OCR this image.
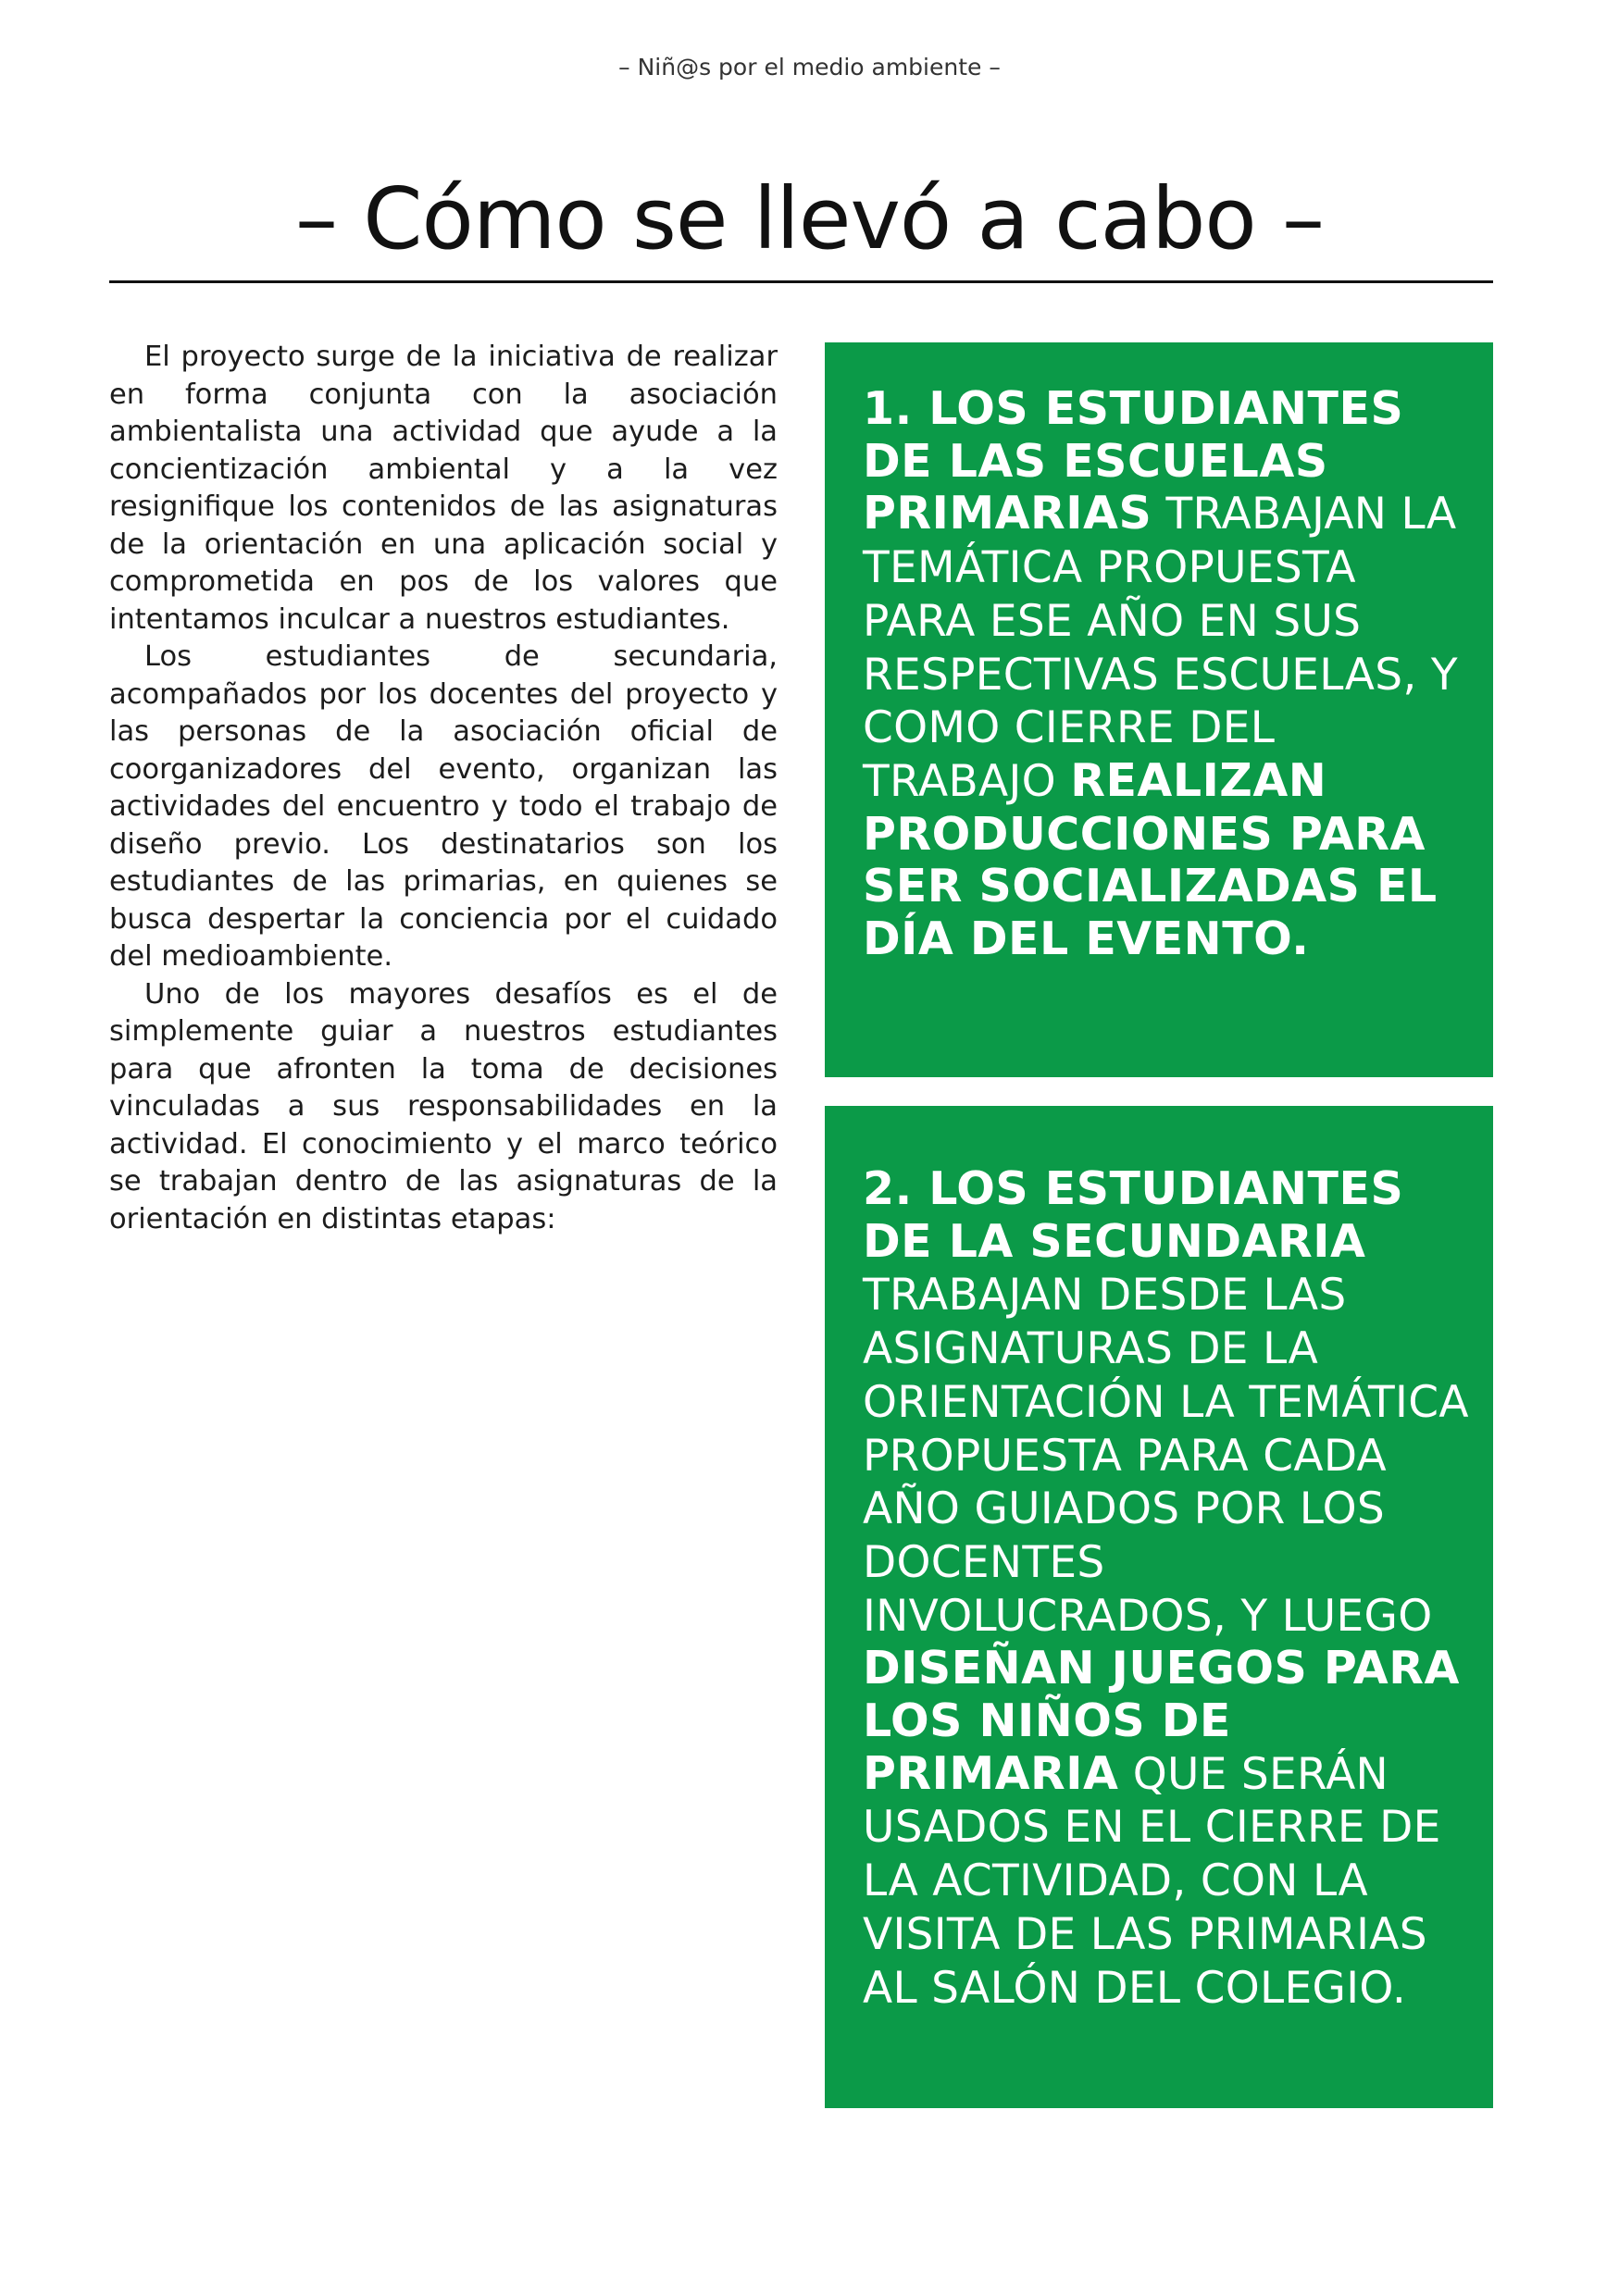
– Niñ@s por el medio ambiente –
– Cómo se llevó a cabo –

El proyecto surge de la iniciativa de realizar en forma conjunta con la asociación ambientalista una actividad que ayude a la concientización ambiental y a la vez resignifique los contenidos de las asignaturas de la orientación en una aplicación social y comprometida en pos de los valores que intentamos inculcar a nuestros estudiantes.

Los estudiantes de secundaria, acompañados por los docentes del proyecto y las personas de la asociación oficial de coorganizadores del evento, organizan las actividades del encuentro y todo el trabajo de diseño previo. Los destinatarios son los estudiantes de las primarias, en quienes se busca despertar la conciencia por el cuidado del medioambiente.

Uno de los mayores desafíos es el de simplemente guiar a nuestros estudiantes para que afronten la toma de decisiones vinculadas a sus responsabilidades en la actividad. El conocimiento y el marco teórico se trabajan dentro de las asignaturas de la orientación en distintas etapas:

1. LOS ESTUDIANTES DE LAS ESCUELAS PRIMARIAS TRABAJAN LA TEMÁTICA PROPUESTA PARA ESE AÑO EN SUS RESPECTIVAS ESCUELAS, Y COMO CIERRE DEL TRABAJO REALIZAN PRODUCCIONES PARA SER SOCIALIZADAS EL DÍA DEL EVENTO.
2. LOS ESTUDIANTES DE LA SECUNDARIA TRABAJAN DESDE LAS ASIGNATURAS DE LA ORIENTACIÓN LA TEMÁTICA PROPUESTA PARA CADA AÑO GUIADOS POR LOS DOCENTES INVOLUCRADOS, Y LUEGO DISEÑAN JUEGOS PARA LOS NIÑOS DE PRIMARIA QUE SERÁN USADOS EN EL CIERRE DE LA ACTIVIDAD, CON LA VISITA DE LAS PRIMARIAS AL SALÓN DEL COLEGIO.
